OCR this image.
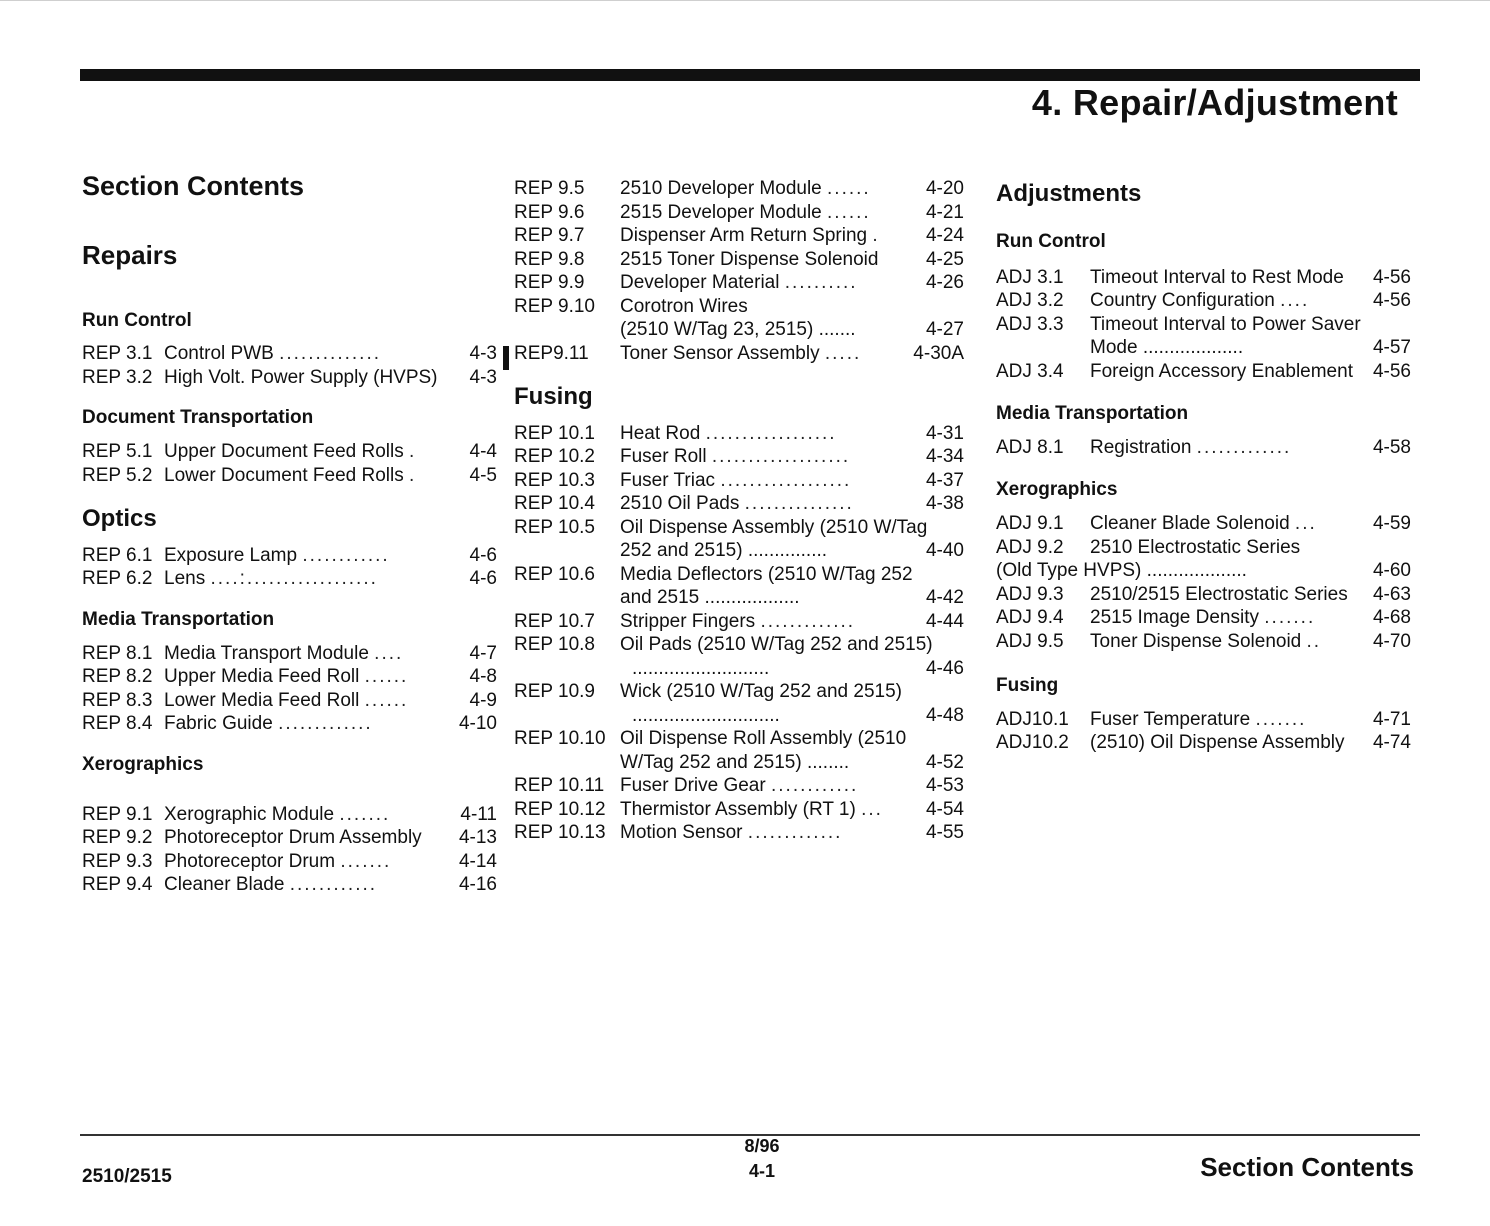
4. Repair/Adjustment
Section Contents
Repairs
Run Control
REP 3.1 Control PWB ..............	4-3
REP 3.2 High Volt. Power Supply (HVPS)	4-3
Document Transportation
REP 5.1 Upper Document Feed Rolls .	4-4
REP 5.2 Lower Document Feed Rolls .	4-5
Optics
REP 6.1 Exposure Lamp ............	4-6
REP 6.2 Lens ....:..................	4-6
Media Transportation
REP 8.1 Media Transport Module ....	4-7
REP 8.2 Upper Media Feed Roll ......	4-8
REP 8.3 Lower Media Feed Roll ......	4-9
REP 8.4 Fabric Guide .............	4-10
Xerographics
REP 9.1 Xerographic Module .......	4-11
REP 9.2 Photoreceptor Drum Assembly	4-13
REP 9.3 Photoreceptor Drum .......	4-14
REP 9.4 Cleaner Blade ............	4-16
REP 9.5	2510 Developer Module ......	4-20
REP 9.6	2515 Developer Module ......	4-21
REP 9.7	Dispenser Arm Return Spring .	4-24
REP 9.8	2515 Toner Dispense Solenoid	4-25
REP 9.9	Developer Material ..........	4-26
REP 9.10	Corotron Wires
(2510 W/Tag 23, 2515) .......	4-27
REP9.11	Toner Sensor Assembly .....	4-30A
Fusing
REP 10.1	Heat Rod ..................	4-31
REP 10.2	Fuser Roll ...................	4-34
REP 10.3	Fuser Triac ..................	4-37
REP 10.4	2510 Oil Pads ...............	4-38
REP 10.5	Oil Dispense Assembly (2510 W/Tag
252 and 2515) ...............	4-40
REP 10.6	Media Deflectors (2510 W/Tag 252
and 2515 ..................	4-42
REP 10.7	Stripper Fingers .............	4-44
REP 10.8	Oil Pads (2510 W/Tag 252 and 2515)
..........................	4-46
REP 10.9	Wick (2510 W/Tag 252 and 2515)
............................	4-48
REP 10.10 Oil Dispense Roll Assembly (2510
W/Tag 252 and 2515) ........	4-52
REP 10.11 Fuser Drive Gear ............	4-53
REP 10.12 Thermistor Assembly (RT 1) ...	4-54
REP 10.13 Motion Sensor .............	4-55
Adjustments
Run Control
ADJ 3.1	Timeout Interval to Rest Mode	4-56
ADJ 3.2	Country Configuration ....	4-56
ADJ 3.3	Timeout Interval to Power Saver
Mode ...................	4-57
ADJ 3.4	Foreign Accessory Enablement	4-56
Media Transportation
ADJ 8.1	Registration .............	4-58
Xerographics
ADJ 9.1	Cleaner Blade Solenoid ...	4-59
ADJ 9.2	2510 Electrostatic Series
(Old Type HVPS) ...................	4-60
ADJ 9.3	2510/2515 Electrostatic Series	4-63
ADJ 9.4	2515 Image Density .......	4-68
ADJ 9.5	Toner Dispense Solenoid ..	4-70
Fusing
ADJ10.1	Fuser Temperature .......	4-71
ADJ10.2	(2510) Oil Dispense Assembly	4-74
2510/2515
8/96
4-1	Section Contents
